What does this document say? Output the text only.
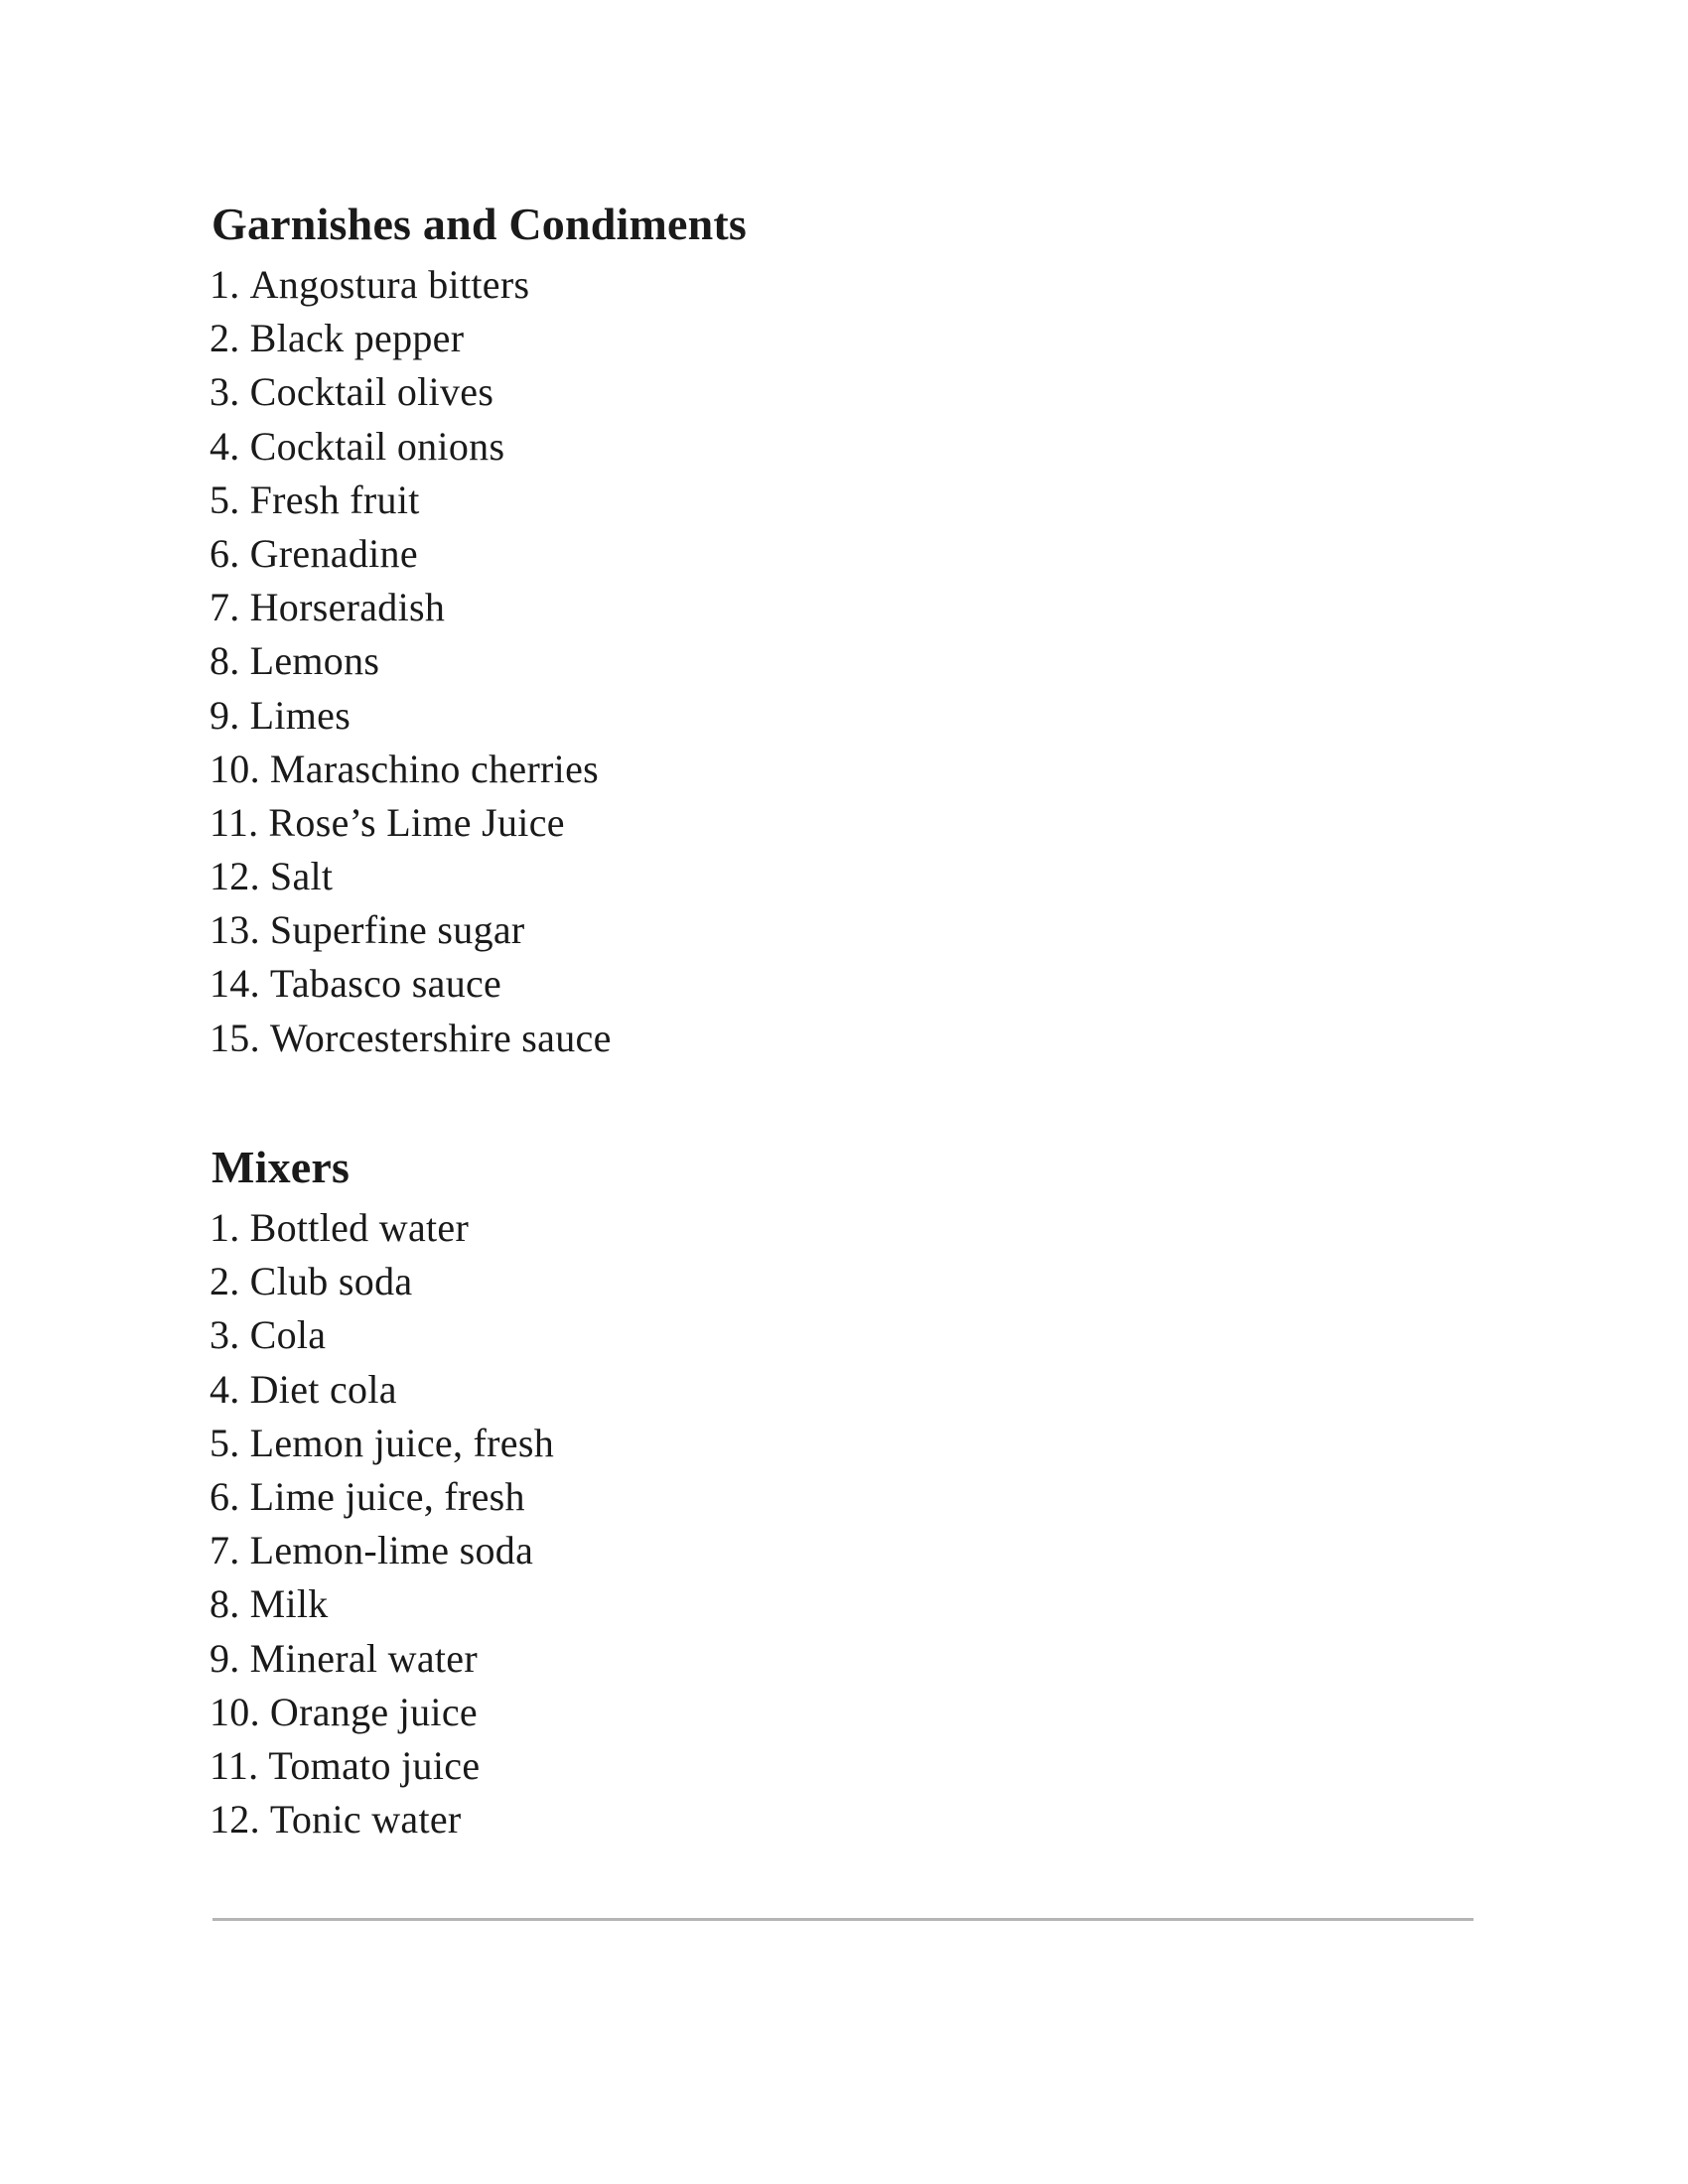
Garnishes and Condiments
1. Angostura bitters
2. Black pepper
3. Cocktail olives
4. Cocktail onions
5. Fresh fruit
6. Grenadine
7. Horseradish
8. Lemons
9. Limes
10. Maraschino cherries
11. Rose’s Lime Juice
12. Salt
13. Superfine sugar
14. Tabasco sauce
15. Worcestershire sauce
Mixers
1. Bottled water
2. Club soda
3. Cola
4. Diet cola
5. Lemon juice, fresh
6. Lime juice, fresh
7. Lemon-lime soda
8. Milk
9. Mineral water
10. Orange juice
11. Tomato juice
12. Tonic water
